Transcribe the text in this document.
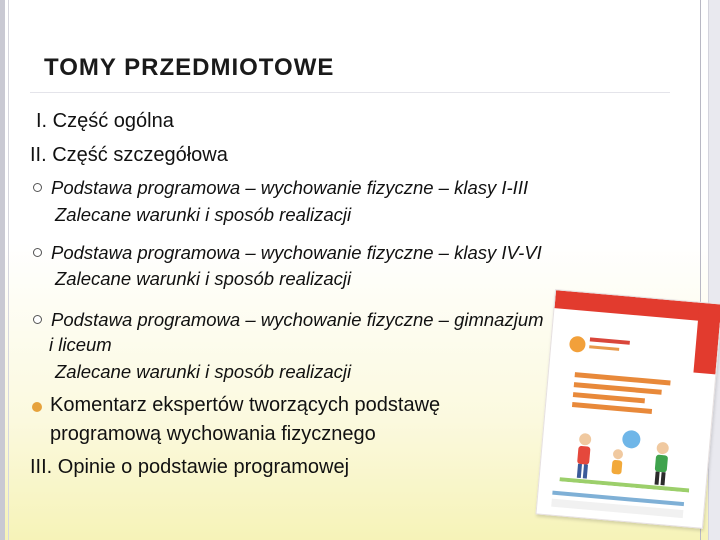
TOMY PRZEDMIOTOWE
I. Część ogólna
II. Część szczegółowa
Podstawa programowa – wychowanie fizyczne – klasy I-III
Zalecane warunki i sposób realizacji
Podstawa programowa – wychowanie fizyczne – klasy IV-VI
Zalecane warunki i sposób realizacji
Podstawa programowa – wychowanie fizyczne – gimnazjum
i liceum
Zalecane warunki i sposób realizacji
Komentarz ekspertów tworzących podstawę
programową wychowania fizycznego
III. Opinie o podstawie programowej
